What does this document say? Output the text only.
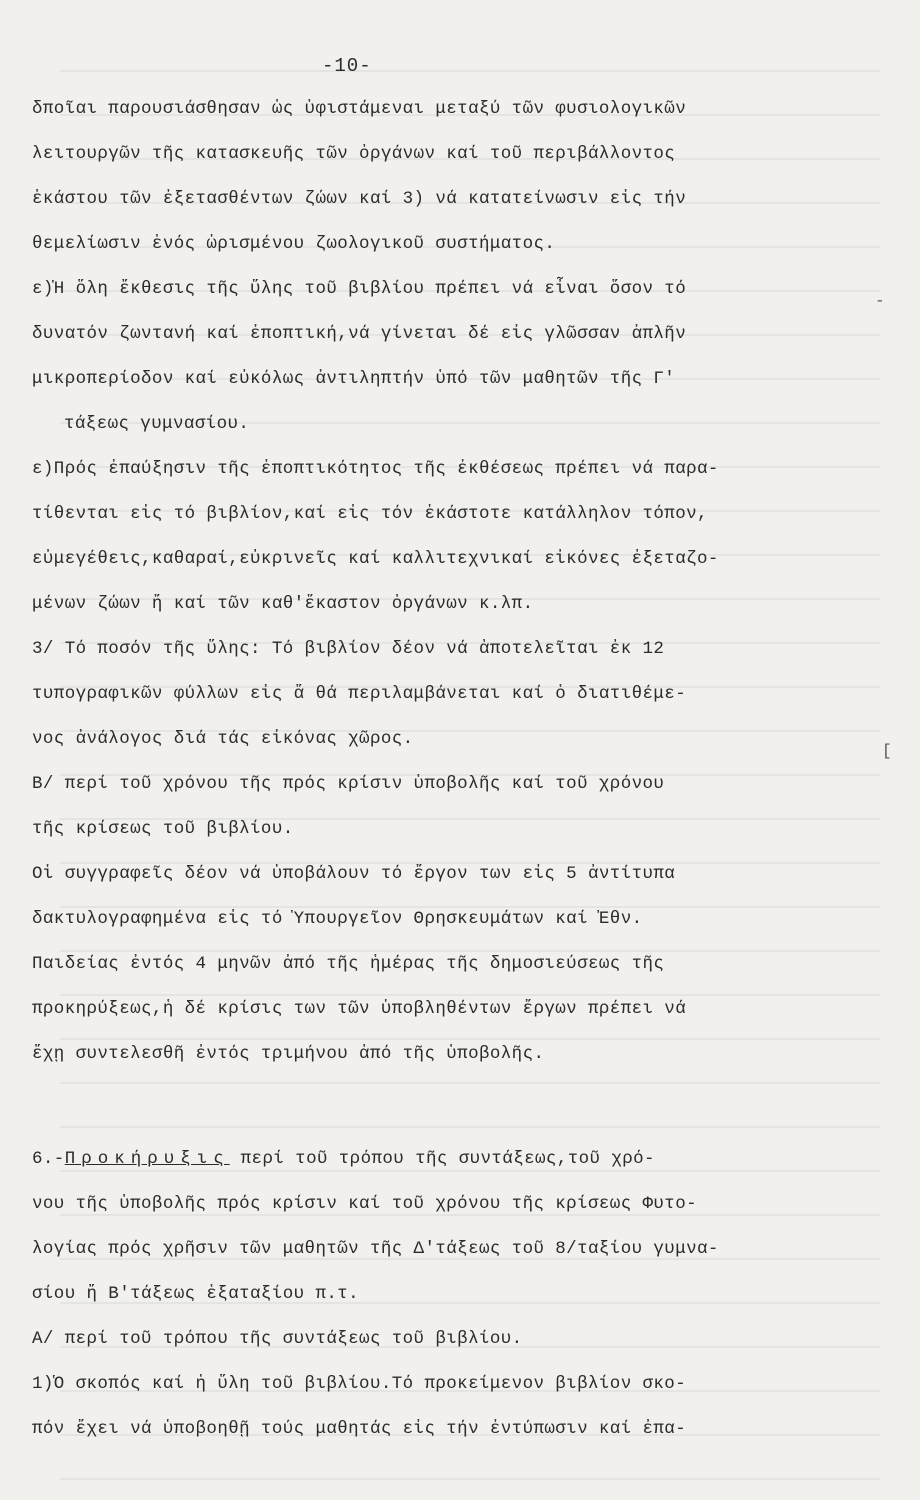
-10-
δποῖαι παρουσιάσθησαν ὡς ὑφιστάμεναι μεταξύ τῶν φυσιολογικῶν
λειτουργῶν τῆς κατασκευῆς τῶν ὀργάνων καί τοῦ περιβάλλοντος
ἑκάστου τῶν ἐξετασθέντων ζώων καί 3) νά κατατείνωσιν εἰς τήν
θεμελίωσιν ἑνός ὡρισμένου ζωολογικοῦ συστήματος.
ε)Ἡ ὅλη ἔκθεσις τῆς ὕλης τοῦ βιβλίου πρέπει νά εἶναι ὅσον τό
δυνατόν ζωντανή καί ἐποπτική,νά γίνεται δέ εἰς γλῶσσαν ἁπλῆν
μικροπερίοδον καί εὐκόλως ἀντιληπτήν ὑπό τῶν μαθητῶν τῆς Γ'
τάξεως γυμνασίου.
ε)Πρός ἐπαύξησιν τῆς ἐποπτικότητος τῆς ἐκθέσεως πρέπει νά παρα-
τίθενται εἰς τό βιβλίον,καί εἰς τόν ἑκάστοτε κατάλληλον τόπον,
εὐμεγέθεις,καθαραί,εὐκρινεῖς καί καλλιτεχνικαί εἰκόνες ἐξεταζο-
μένων ζώων ἤ καί τῶν καθ'ἕκαστον ὀργάνων κ.λπ.
3/ Τό ποσόν τῆς ὕλης: Τό βιβλίον δέον νά ἀποτελεῖται ἐκ 12
τυπογραφικῶν φύλλων εἰς ἅ θά περιλαμβάνεται καί ὁ διατιθέμε-
νος ἀνάλογος διά τάς εἰκόνας χῶρος.
Β/ περί τοῦ χρόνου τῆς πρός κρίσιν ὑποβολῆς καί τοῦ χρόνου
τῆς κρίσεως τοῦ βιβλίου.
Οἱ συγγραφεῖς δέον νά ὑποβάλουν τό ἔργον των εἰς 5 ἀντίτυπα
δακτυλογραφημένα εἰς τό Ὑπουργεῖον Θρησκευμάτων καί Ἐθν.
Παιδείας ἐντός 4 μηνῶν ἀπό τῆς ἡμέρας τῆς δημοσιεύσεως τῆς
προκηρύξεως,ἡ δέ κρίσις των τῶν ὑποβληθέντων ἔργων πρέπει νά
ἔχῃ συντελεσθῆ ἐντός τριμήνου ἀπό τῆς ὑποβολῆς.
6.-Προκήρυξις περί τοῦ τρόπου τῆς συντάξεως,τοῦ χρό-
νου τῆς ὑποβολῆς πρός κρίσιν καί τοῦ χρόνου τῆς κρίσεως Φυτο-
λογίας πρός χρῆσιν τῶν μαθητῶν τῆς Δ'τάξεως τοῦ 8/ταξίου γυμνα-
σίου ἤ Β'τάξεως ἑξαταξίου π.τ.
Α/ περί τοῦ τρόπου τῆς συντάξεως τοῦ βιβλίου.
1)Ὁ σκοπός καί ἡ ὕλη τοῦ βιβλίου.Τό προκείμενον βιβλίον σκο-
πόν ἔχει νά ὑποβοηθῇ τούς μαθητάς εἰς τήν ἐντύπωσιν καί ἐπα-
[
-
